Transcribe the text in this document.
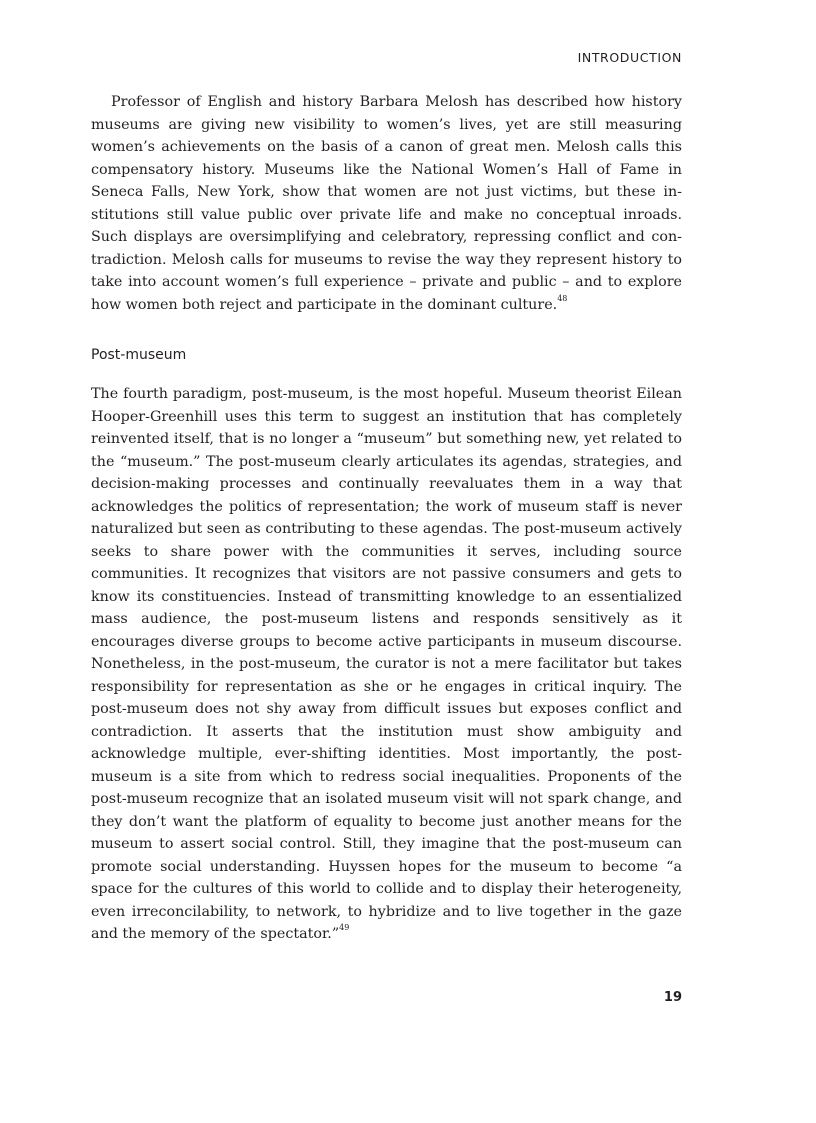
INTRODUCTION

Professor of English and history Barbara Melosh has described how history museums are giving new visibility to women’s lives, yet are still measuring women’s achievements on the basis of a canon of great men. Melosh calls this compensatory history. Museums like the National Women’s Hall of Fame in Seneca Falls, New York, show that women are not just victims, but these institutions still value public over private life and make no conceptual inroads. Such displays are oversimplifying and celebratory, repressing conflict and contradiction. Melosh calls for museums to revise the way they represent history to take into account women’s full experience – private and public – and to explore how women both reject and participate in the dominant culture.$^{48}$

Post-museum

The fourth paradigm, post-museum, is the most hopeful. Museum theorist Eilean Hooper-Greenhill uses this term to suggest an institution that has completely reinvented itself, that is no longer a “museum” but something new, yet related to the “museum.” The post-museum clearly articulates its agendas, strategies, and decision-making processes and continually reevaluates them in a way that acknowledges the politics of representation; the work of museum staff is never naturalized but seen as contributing to these agendas. The post-museum actively seeks to share power with the communities it serves, including source communities. It recognizes that visitors are not passive consumers and gets to know its constituencies. Instead of transmitting knowledge to an essentialized mass audience, the post-museum listens and responds sensitively as it encourages diverse groups to become active participants in museum discourse. Nonetheless, in the post-museum, the curator is not a mere facilitator but takes responsibility for representation as she or he engages in critical inquiry. The post-museum does not shy away from difficult issues but exposes conflict and contradiction. It asserts that the institution must show ambiguity and acknowledge multiple, ever-shifting identities. Most importantly, the post-museum is a site from which to redress social inequalities. Proponents of the post-museum recognize that an isolated museum visit will not spark change, and they don’t want the platform of equality to become just another means for the museum to assert social control. Still, they imagine that the post-museum can promote social understanding. Huyssen hopes for the museum to become “a space for the cultures of this world to collide and to display their heterogeneity, even irreconcilability, to network, to hybridize and to live together in the gaze and the memory of the spectator.”$^{49}$

19
